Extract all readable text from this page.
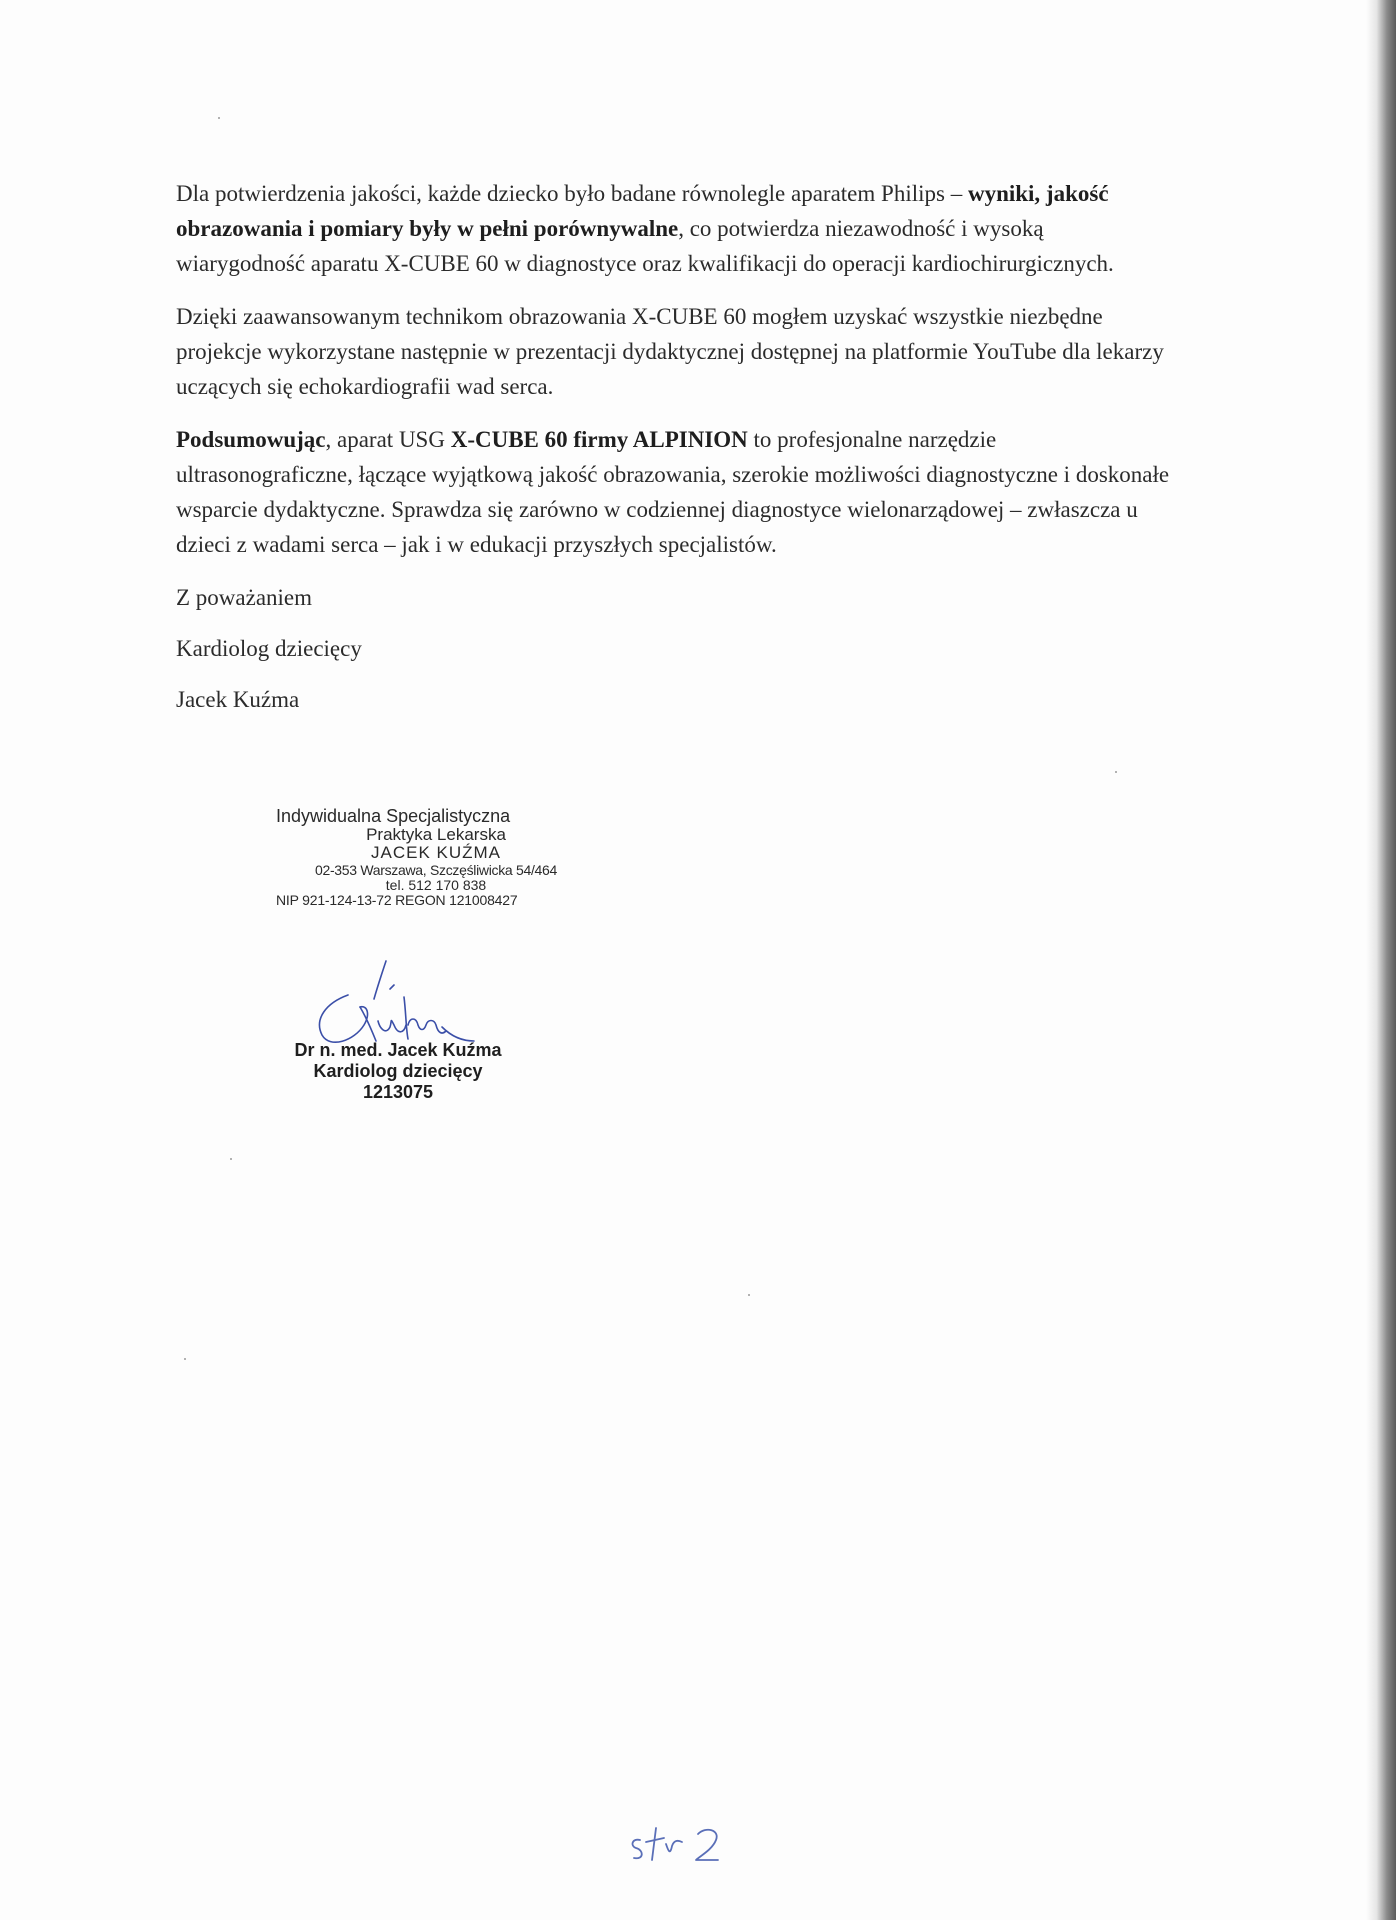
Dla potwierdzenia jakości, każde dziecko było badane równolegle aparatem Philips – wyniki, jakość obrazowania i pomiary były w pełni porównywalne, co potwierdza niezawodność i wysoką wiarygodność aparatu X-CUBE 60 w diagnostyce oraz kwalifikacji do operacji kardiochirurgicznych.

Dzięki zaawansowanym technikom obrazowania X-CUBE 60 mogłem uzyskać wszystkie niezbędne projekcje wykorzystane następnie w prezentacji dydaktycznej dostępnej na platformie YouTube dla lekarzy uczących się echokardiografii wad serca.

Podsumowując, aparat USG X-CUBE 60 firmy ALPINION to profesjonalne narzędzie ultrasonograficzne, łączące wyjątkową jakość obrazowania, szerokie możliwości diagnostyczne i doskonałe wsparcie dydaktyczne. Sprawdza się zarówno w codziennej diagnostyce wielonarządowej – zwłaszcza u dzieci z wadami serca – jak i w edukacji przyszłych specjalistów.

Z poważaniem

Kardiolog dziecięcy

Jacek Kuźma

Indywidualna Specjalistyczna
Praktyka Lekarska
JACEK KUŹMA
02-353 Warszawa, Szczęśliwicka 54/464
tel. 512 170 838
NIP 921-124-13-72 REGON 121008427
Dr n. med. Jacek Kuźma
Kardiolog dziecięcy
1213075
